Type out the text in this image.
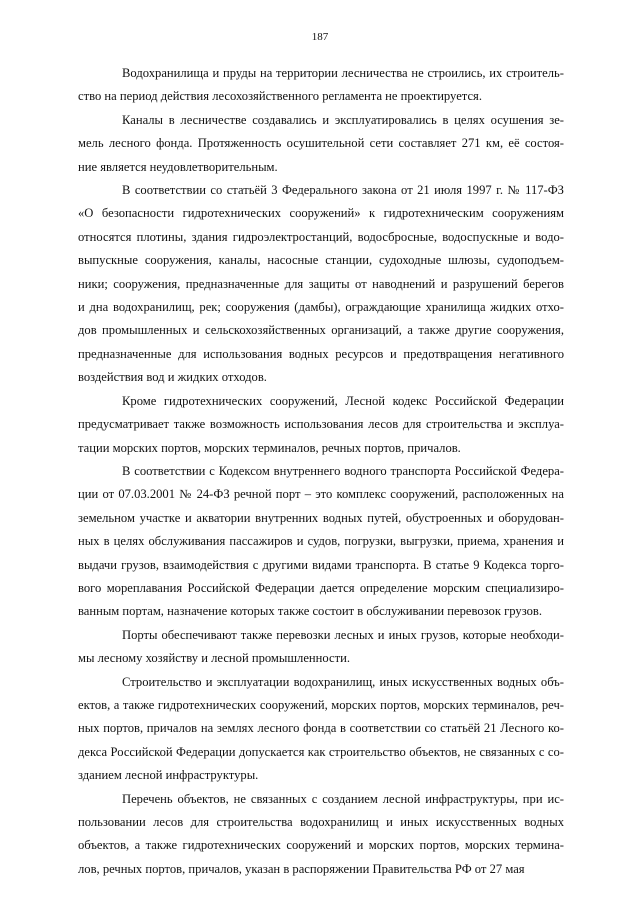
187
Водохранилища и пруды на территории лесничества не строились, их строитель-
ство на период действия лесохозяйственного регламента не проектируется.
Каналы в лесничестве создавались и эксплуатировались в целях осушения зе-
мель лесного фонда. Протяженность осушительной сети составляет 271 км, её состоя-
ние является неудовлетворительным.
В соответствии со статьёй 3 Федерального закона от 21 июля 1997 г. № 117-ФЗ
«О безопасности гидротехнических сооружений» к гидротехническим сооружениям
относятся плотины, здания гидроэлектростанций, водосбросные, водоспускные и водо-
выпускные сооружения, каналы, насосные станции, судоходные шлюзы, судоподъем-
ники; сооружения, предназначенные для защиты от наводнений и разрушений берегов
и дна водохранилищ, рек; сооружения (дамбы), ограждающие хранилища жидких отхо-
дов промышленных и сельскохозяйственных организаций, а также другие сооружения,
предназначенные для использования водных ресурсов и предотвращения негативного
воздействия вод и жидких отходов.
Кроме гидротехнических сооружений, Лесной кодекс Российской Федерации
предусматривает также возможность использования лесов для строительства и эксплуа-
тации морских портов, морских терминалов, речных портов, причалов.
В соответствии с Кодексом внутреннего водного транспорта Российской Федера-
ции от 07.03.2001 № 24-ФЗ речной порт – это комплекс сооружений, расположенных на
земельном участке и акватории внутренних водных путей, обустроенных и оборудован-
ных в целях обслуживания пассажиров и судов, погрузки, выгрузки, приема, хранения и
выдачи грузов, взаимодействия с другими видами транспорта. В статье 9 Кодекса торго-
вого мореплавания Российской Федерации дается определение морским специализиро-
ванным портам, назначение которых также состоит в обслуживании перевозок грузов.
Порты обеспечивают также перевозки лесных и иных грузов, которые необходи-
мы лесному хозяйству и лесной промышленности.
Строительство и эксплуатации водохранилищ, иных искусственных водных объ-
ектов, а также гидротехнических сооружений, морских портов, морских терминалов, реч-
ных портов, причалов на землях лесного фонда в соответствии со статьёй 21 Лесного ко-
декса Российской Федерации допускается как строительство объектов, не связанных с со-
зданием лесной инфраструктуры.
Перечень объектов, не связанных с созданием лесной инфраструктуры, при ис-
пользовании лесов для строительства водохранилищ и иных искусственных водных
объектов, а также гидротехнических сооружений и морских портов, морских термина-
лов, речных портов, причалов, указан в распоряжении Правительства РФ от 27 мая
